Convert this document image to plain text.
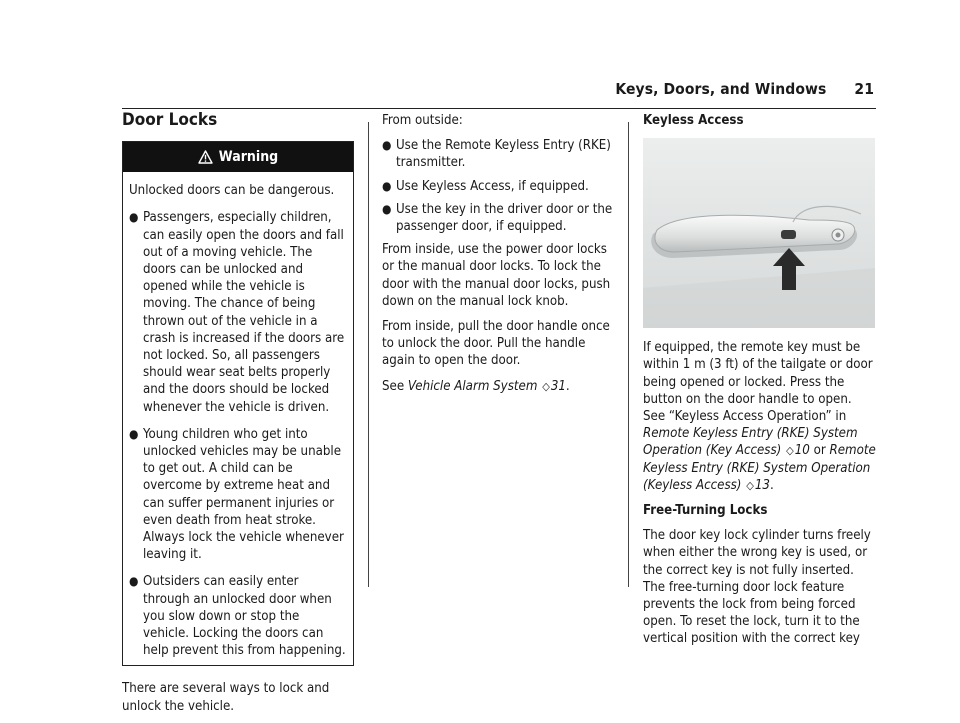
Keys, Doors, and Windows 21
Door Locks
Warning

Unlocked doors can be dangerous.

● Passengers, especially children, can easily open the doors and fall out of a moving vehicle. The doors can be unlocked and opened while the vehicle is moving. The chance of being thrown out of the vehicle in a crash is increased if the doors are not locked. So, all passengers should wear seat belts properly and the doors should be locked whenever the vehicle is driven.
● Young children who get into unlocked vehicles may be unable to get out. A child can be overcome by extreme heat and can suffer permanent injuries or even death from heat stroke. Always lock the vehicle whenever leaving it.
● Outsiders can easily enter through an unlocked door when you slow down or stop the vehicle. Locking the doors can help prevent this from happening.

There are several ways to lock and unlock the vehicle.

From outside:

● Use the Remote Keyless Entry (RKE) transmitter.
● Use Keyless Access, if equipped.
● Use the key in the driver door or the passenger door, if equipped.

From inside, use the power door locks or the manual door locks. To lock the door with the manual door locks, push down on the manual lock knob.

From inside, pull the door handle once to unlock the door. Pull the handle again to open the door.

See Vehicle Alarm System ◇31.

Keyless Access

If equipped, the remote key must be within 1 m (3 ft) of the tailgate or door being opened or locked. Press the button on the door handle to open. See “Keyless Access Operation” in Remote Keyless Entry (RKE) System Operation (Key Access) ◇10 or Remote Keyless Entry (RKE) System Operation (Keyless Access) ◇13.

Free-Turning Locks

The door key lock cylinder turns freely when either the wrong key is used, or the correct key is not fully inserted. The free-turning door lock feature prevents the lock from being forced open. To reset the lock, turn it to the vertical position with the correct key
